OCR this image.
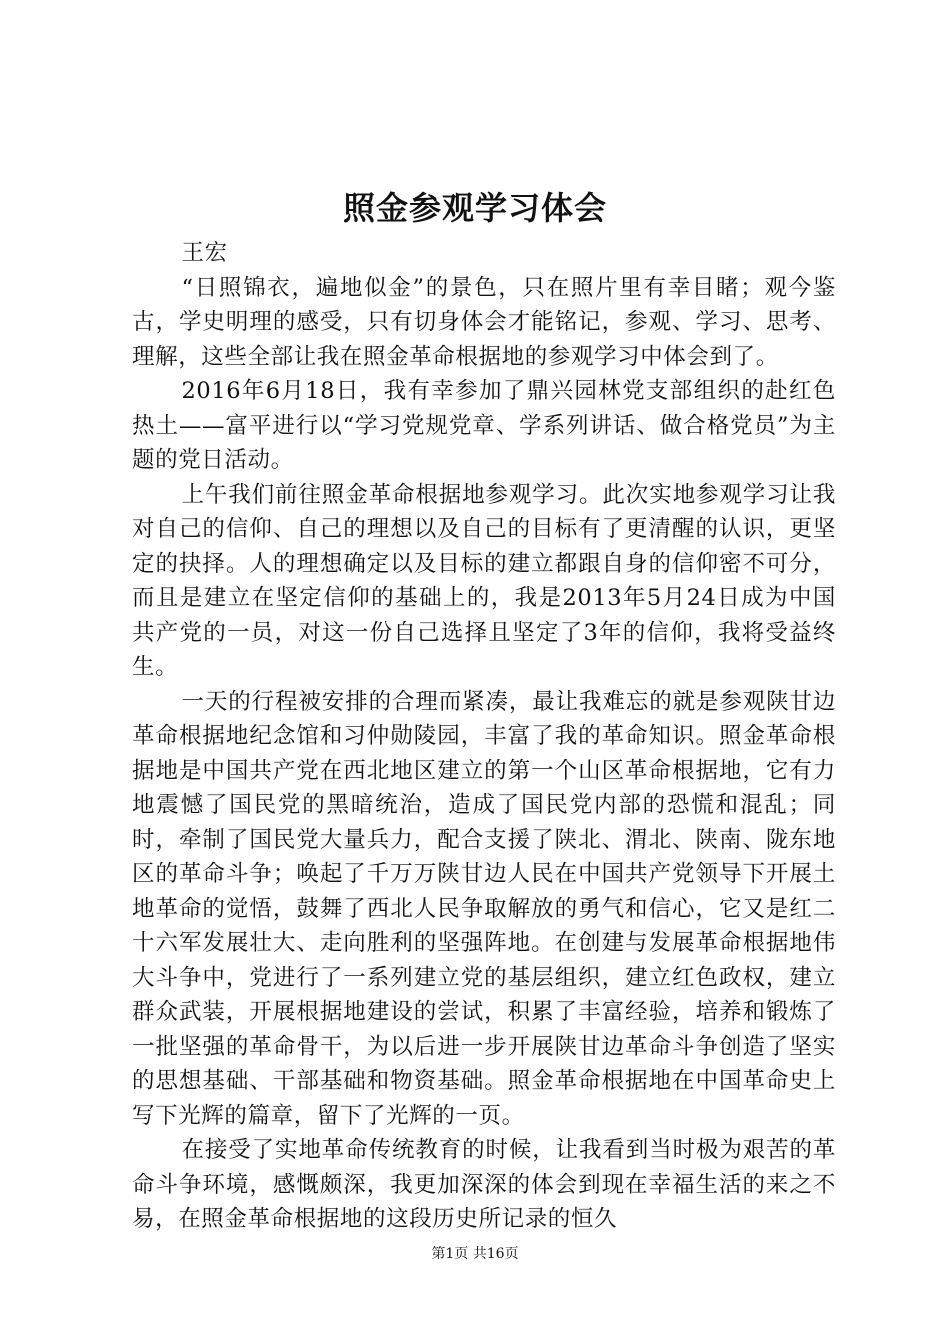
照金参观学习体会

王宏

“日照锦衣，遍地似金”的景色，只在照片里有幸目睹；观今鉴古，学史明理的感受，只有切身体会才能铭记，参观、学习、思考、理解，这些全部让我在照金革命根据地的参观学习中体会到了。

2016年6月18日，我有幸参加了鼎兴园林党支部组织的赴红色热土——富平进行以“学习党规党章、学系列讲话、做合格党员”为主题的党日活动。

上午我们前往照金革命根据地参观学习。此次实地参观学习让我对自己的信仰、自己的理想以及自己的目标有了更清醒的认识，更坚定的抉择。人的理想确定以及目标的建立都跟自身的信仰密不可分，而且是建立在坚定信仰的基础上的，我是2013年5月24日成为中国共产党的一员，对这一份自己选择且坚定了3年的信仰，我将受益终生。

一天的行程被安排的合理而紧凑，最让我难忘的就是参观陕甘边革命根据地纪念馆和习仲勋陵园，丰富了我的革命知识。照金革命根据地是中国共产党在西北地区建立的第一个山区革命根据地，它有力地震憾了国民党的黑暗统治，造成了国民党内部的恐慌和混乱；同时，牵制了国民党大量兵力，配合支援了陕北、渭北、陕南、陇东地区的革命斗争；唤起了千万万陕甘边人民在中国共产党领导下开展土地革命的觉悟，鼓舞了西北人民争取解放的勇气和信心，它又是红二十六军发展壮大、走向胜利的坚强阵地。在创建与发展革命根据地伟大斗争中，党进行了一系列建立党的基层组织，建立红色政权，建立群众武装，开展根据地建设的尝试，积累了丰富经验，培养和锻炼了一批坚强的革命骨干，为以后进一步开展陕甘边革命斗争创造了坚实的思想基础、干部基础和物资基础。照金革命根据地在中国革命史上写下光辉的篇章，留下了光辉的一页。

在接受了实地革命传统教育的时候，让我看到当时极为艰苦的革命斗争环境，感慨颇深，我更加深深的体会到现在幸福生活的来之不易，在照金革命根据地的这段历史所记录的恒久

第1页 共16页
